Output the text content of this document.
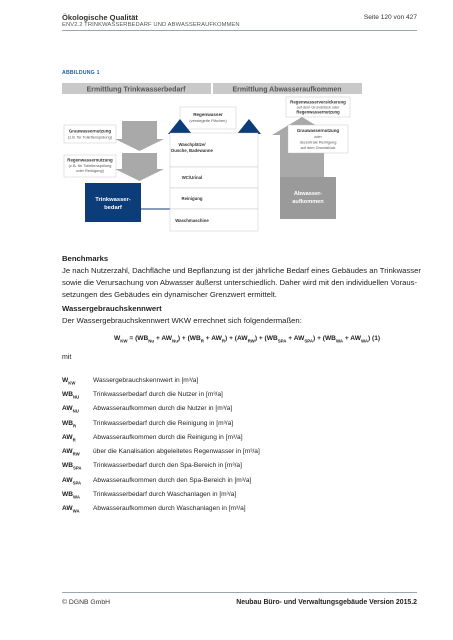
Ökologische Qualität
ENV2.2 TRINKWASSERBEDARF UND ABWASSERAUFKOMMEN
Seite 120 von 427
ABBILDUNG 1
Ermittlung Trinkwasserbedarf	Ermittlung Abwasseraufkommen
Regenwasser
(versiegelte Flächen)
Regenwasserversickerung
auf dem Grundstück oder
Regenwassernutzung
Grauwassernutzung
(z.B. für Toilettenspülung)
Regenwassernutzung
(z.B. für Toilettenspülung
oder Reinigung)
Trinkwasser-
bedarf
Waschplätze/
Dusche, Badewanne
WC/Urinal
Reinigung
Waschmaschine
Grauwassernutzung
oder
dezentrale Reinigung
auf dem Grundstück
Abwasser-
aufkommen
Benchmarks
Je nach Nutzerzahl, Dachfläche und Bepflanzung ist der jährliche Bedarf eines Gebäudes an Trinkwasser
sowie die Verursachung von Abwasser äußerst unterschiedlich. Daher wird mit den individuellen Voraus-
setzungen des Gebäudes ein dynamischer Grenzwert ermittelt.
Wassergebrauchskennwert
Der Wassergebrauchskennwert WKW errechnet sich folgendermaßen:
$W_{KW} = (WB_{Nu} + AW_{Nu}) + (WB_R + AW_R) + (AW_{RW}) + (WB_{SPA} + AW_{SPA}) + (WB_{WA} + AW_{WA})$ (1)
mit
$W_{KW}$	Wassergebrauchskennwert in [m³/a]
$WB_{NU}$	Trinkwasserbedarf durch die Nutzer in [m³/a]
$AW_{NU}$	Abwasseraufkommen durch die Nutzer in [m³/a]
$WB_R$	Trinkwasserbedarf durch die Reinigung in [m³/a]
$AW_R$	Abwasseraufkommen durch die Reinigung in [m³/a]
$AW_{RW}$	über die Kanalisation abgeleitetes Regenwasser in [m³/a]
$WB_{SPA}$	Trinkwasserbedarf durch den Spa-Bereich in [m³/a]
$AW_{SPA}$	Abwasseraufkommen durch den Spa-Bereich in [m³/a]
$WB_{WA}$	Trinkwasserbedarf durch Waschanlagen in [m³/a]
$AW_{WA}$	Abwasseraufkommen durch Waschanlagen in [m³/a]
© DGNB GmbH	Neubau Büro- und Verwaltungsgebäude Version 2015.2
